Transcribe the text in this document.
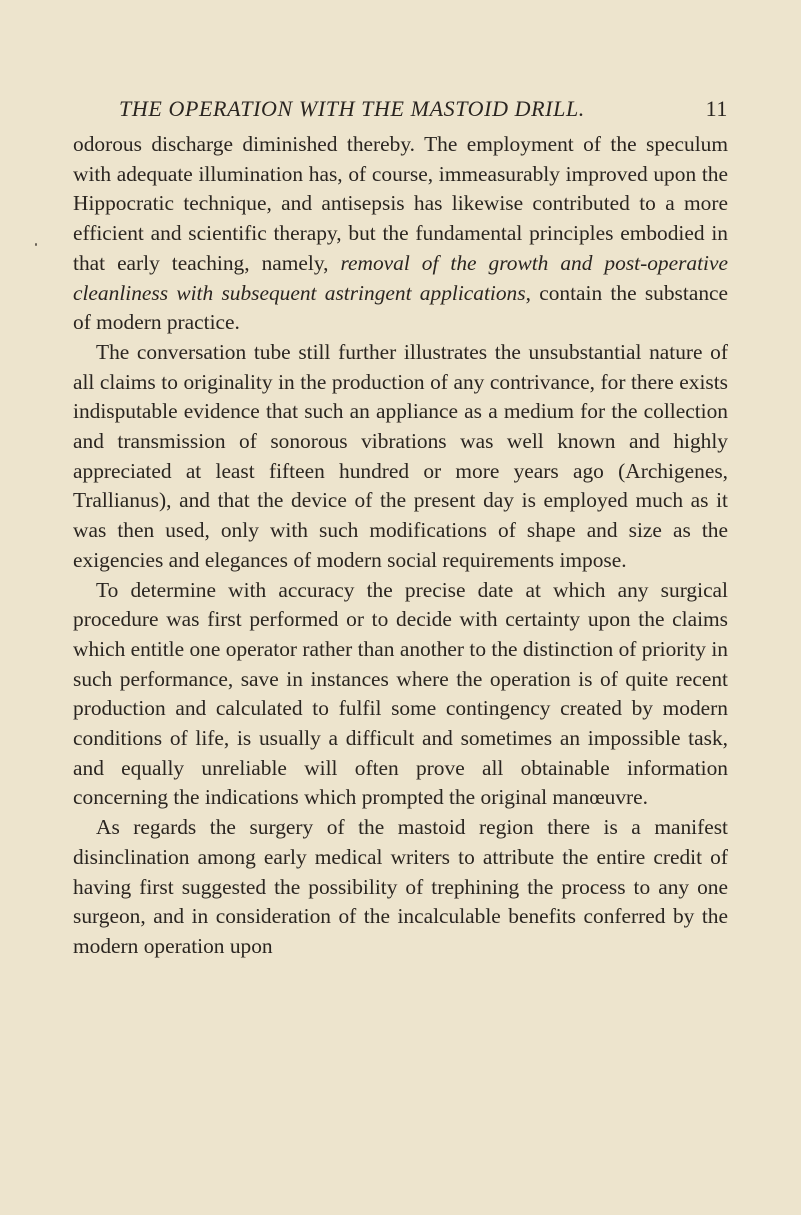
THE OPERATION WITH THE MASTOID DRILL.	11

odorous discharge diminished thereby. The employment of the speculum with adequate illumination has, of course, immeasurably improved upon the Hippocratic technique, and antisepsis has likewise contributed to a more efficient and scientific therapy, but the fundamental principles embodied in that early teaching, namely, removal of the growth and post-operative cleanliness with subsequent astringent applications, contain the substance of modern practice.

The conversation tube still further illustrates the unsubstantial nature of all claims to originality in the production of any contrivance, for there exists indisputable evidence that such an appliance as a medium for the collection and transmission of sonorous vibrations was well known and highly appreciated at least fifteen hundred or more years ago (Archigenes, Trallianus), and that the device of the present day is employed much as it was then used, only with such modifications of shape and size as the exigencies and elegances of modern social requirements impose.

To determine with accuracy the precise date at which any surgical procedure was first performed or to decide with certainty upon the claims which entitle one operator rather than another to the distinction of priority in such performance, save in instances where the operation is of quite recent production and calculated to fulfil some contingency created by modern conditions of life, is usually a difficult and sometimes an impossible task, and equally unreliable will often prove all obtainable information concerning the indications which prompted the original manœuvre.

As regards the surgery of the mastoid region there is a manifest disinclination among early medical writers to attribute the entire credit of having first suggested the possibility of trephining the process to any one surgeon, and in consideration of the incalculable benefits conferred by the modern operation upon
